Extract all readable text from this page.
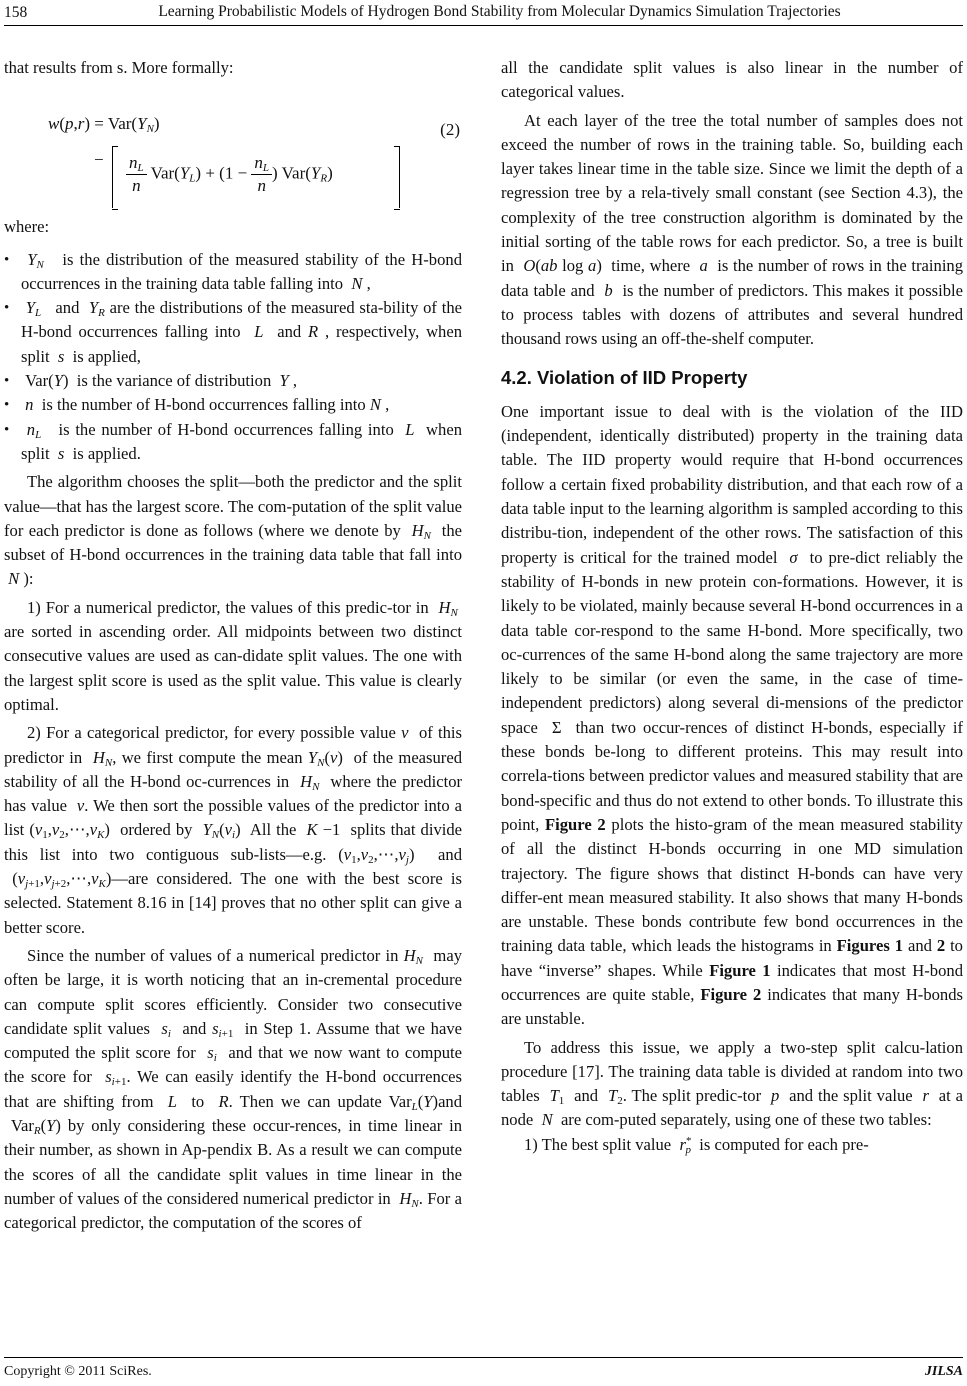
158	Learning Probabilistic Models of Hydrogen Bond Stability from Molecular Dynamics Simulation Trajectories

that results from s. More formally:

$w(p,r) = Var(Y_N)$
− $\frac{n_L}{n} Var(Y_L) + (1 - \frac{n_L}{n}$ ) $Var(Y_R)$
(2)

where:

• $Y_N$ is the distribution of the measured stability of the H-bond occurrences in the training data table falling into N ,
• $Y_L$ and $Y_R$ are the distributions of the measured sta-bility of the H-bond occurrences falling into L  and R , respectively, when split s is applied,
•  Var(Y)  is the variance of distribution Y ,
• n is the number of H-bond occurrences falling into N ,
• $n_L$ is the number of H-bond occurrences falling into L when split s is applied.

The algorithm chooses the split—both the predictor and the split value—that has the largest score. The com-putation of the split value for each predictor is done as follows (where we denote by $H_N$ the subset of H-bond occurrences in the training data table that fall into  N ):

1) For a numerical predictor, the values of this predic-tor in $H_N$  are sorted in ascending order. All midpoints between two distinct consecutive values are used as can-didate split values. The one with the largest split score is used as the split value. This value is clearly optimal.

2) For a categorical predictor, for every possible value v of this predictor in $H_N$, we first compute the mean $Y_N(v)$  of the measured stability of all the H-bond oc-currences in $H_N$ where the predictor has value v. We then sort the possible values of the predictor into a list $(v_1,v_2,\cdots,v_K)$  ordered by $Y_N(v_i)$  All the K −1  splits that divide this list into two contiguous sub-lists—e.g. $(v_1,v_2,\cdots,v_j)$  and  $(v_{j+1},v_{j+2},\cdots,v_K)—are$ considered. The one with the best score is selected. Statement 8.16 in [14] proves that no other split can give a better score.

Since the number of values of a numerical predictor in $H_N$ may often be large, it is worth noticing that an in-cremental procedure can compute split scores efficiently. Consider two consecutive candidate split values $s_i$ and $s_{i+1}$ in Step 1. Assume that we have computed the split score for $s_i$ and that we now want to compute the score for $s_{i+1}$. We can easily identify the H-bond occurrences that are shifting from L to R. Then we can update Var$_L$(Y)and  Var$_R$(Y) by only considering these occur-rences, in time linear in their number, as shown in Ap-pendix B. As a result we can compute the scores of all the candidate split values in time linear in the number of values of the considered numerical predictor in $H_N$. For a categorical predictor, the computation of the scores of

all the candidate split values is also linear in the number of categorical values.

At each layer of the tree the total number of samples does not exceed the number of rows in the training table. So, building each layer takes linear time in the table size. Since we limit the depth of a regression tree by a rela-tively small constant (see Section 4.3), the complexity of the tree construction algorithm is dominated by the initial sorting of the table rows for each predictor. So, a tree is built in O(ab log a)  time, where a is the number of rows in the training data table and b is the number of predictors. This makes it possible to process tables with dozens of attributes and several hundred thousand rows using an off-the-shelf computer.

4.2. Violation of IID Property

One important issue to deal with is the violation of the IID (independent, identically distributed) property in the training data table. The IID property would require that H-bond occurrences follow a certain fixed probability distribution, and that each row of a data table input to the learning algorithm is sampled according to this distribu-tion, independent of the other rows. The satisfaction of this property is critical for the trained model σ to pre-dict reliably the stability of H-bonds in new protein con-formations. However, it is likely to be violated, mainly because several H-bond occurrences in a data table cor-respond to the same H-bond. More specifically, two oc-currences of the same H-bond along the same trajectory are more likely to be similar (or even the same, in the case of time-independent predictors) along several di-mensions of the predictor space  Σ  than two occur-rences of distinct H-bonds, especially if these bonds be-long to different proteins. This may result into correla-tions between predictor values and measured stability that are bond-specific and thus do not extend to other bonds. To illustrate this point, Figure 2 plots the histo-gram of the mean measured stability of all the distinct H-bonds occurring in one MD simulation trajectory. The figure shows that distinct H-bonds can have very differ-ent mean measured stability. It also shows that many H-bonds are unstable. These bonds contribute few bond occurrences in the training data table, which leads the histograms in Figures 1 and 2 to have “inverse” shapes. While Figure 1 indicates that most H-bond occurrences are quite stable, Figure 2 indicates that many H-bonds are unstable.

To address this issue, we apply a two-step split calcu-lation procedure [17]. The training data table is divided at random into two tables $T_1$ and $T_2$. The split predic-tor p and the split value r at a node N are com-puted separately, using one of these two tables:

1) The best split value $r^*_p$ is computed for each pre-

Copyright © 2011 SciRes.	JILSA
